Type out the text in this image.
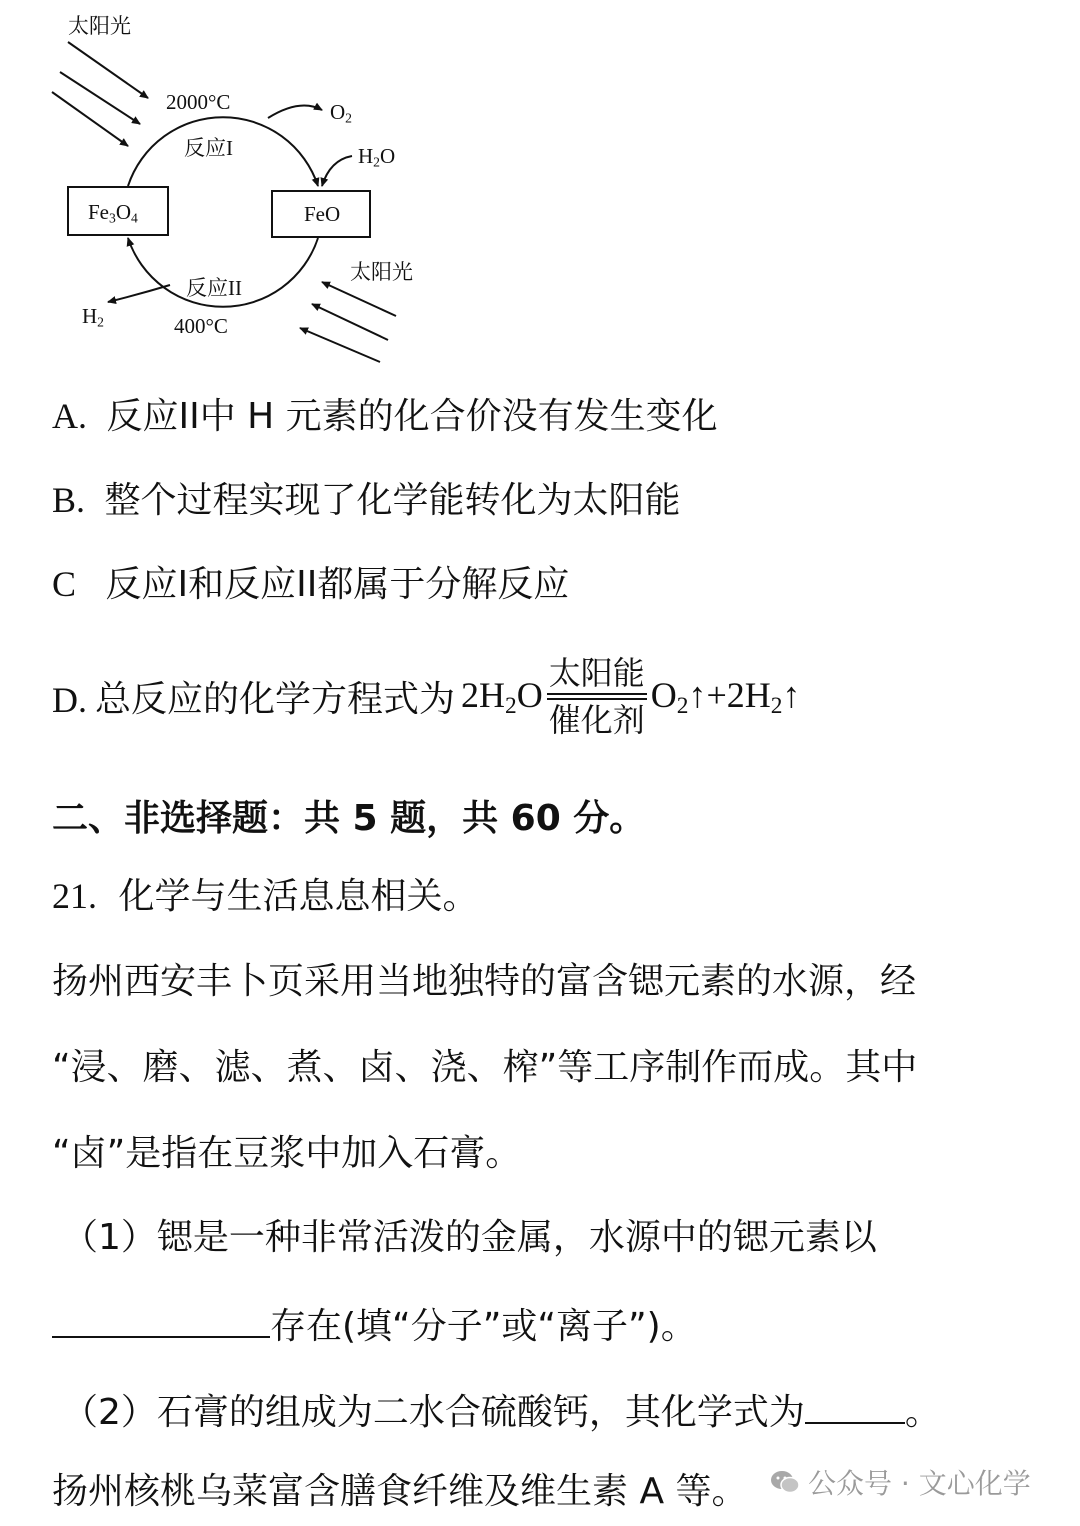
太阳光
2000°C
反应I
$O_2$
$H_2O$
$Fe_3O_4$	FeO
太阳光
反应II
$H_2$	400°C
A. 反应II中 H 元素的化合价没有发生变化
B. 整个过程实现了化学能转化为太阳能
C 反应I和反应II都属于分解反应
D. 总反应的化学方程式为 $2H_2O$
太阳能
催化剂
$O_2↑+2H_2↑$
二、非选择题：共 5 题，共 60 分。
21. 化学与生活息息相关。
扬州西安丰卜页采用当地独特的富含锶元素的水源，经
“浸、磨、滤、煮、卤、浇、榨”等工序制作而成。其中
“卤”是指在豆浆中加入石膏。
（1）锶是一种非常活泼的金属，水源中的锶元素以
存在(填“分子”或“离子”)。
（2）石膏的组成为二水合硫酸钙，其化学式为	。
扬州核桃乌菜富含膳食纤维及维生素 A 等。 公众号 · 文心化学
